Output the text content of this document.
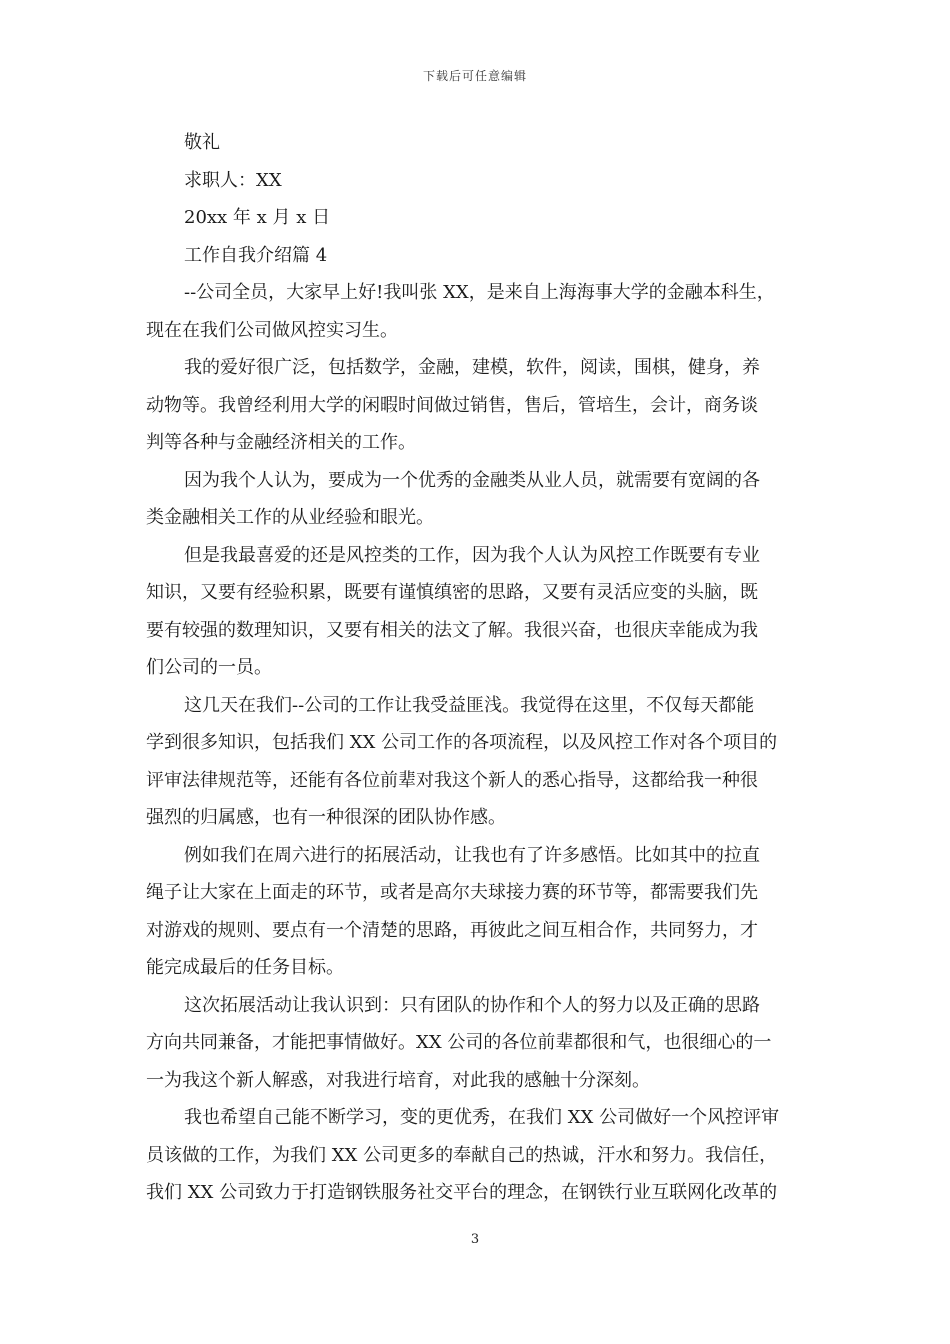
下载后可任意编辑
敬礼
求职人：XX
20xx 年 x 月 x 日
工作自我介绍篇 4
--公司全员，大家早上好!我叫张 XX，是来自上海海事大学的金融本科生，
现在在我们公司做风控实习生。
我的爱好很广泛，包括数学，金融，建模，软件，阅读，围棋，健身，养
动物等。我曾经利用大学的闲暇时间做过销售，售后，管培生，会计，商务谈
判等各种与金融经济相关的工作。
因为我个人认为，要成为一个优秀的金融类从业人员，就需要有宽阔的各
类金融相关工作的从业经验和眼光。
但是我最喜爱的还是风控类的工作，因为我个人认为风控工作既要有专业
知识，又要有经验积累，既要有谨慎缜密的思路，又要有灵活应变的头脑，既
要有较强的数理知识，又要有相关的法文了解。我很兴奋，也很庆幸能成为我
们公司的一员。
这几天在我们--公司的工作让我受益匪浅。我觉得在这里，不仅每天都能
学到很多知识，包括我们 XX 公司工作的各项流程，以及风控工作对各个项目的
评审法律规范等，还能有各位前辈对我这个新人的悉心指导，这都给我一种很
强烈的归属感，也有一种很深的团队协作感。
例如我们在周六进行的拓展活动，让我也有了许多感悟。比如其中的拉直
绳子让大家在上面走的环节，或者是高尔夫球接力赛的环节等，都需要我们先
对游戏的规则、要点有一个清楚的思路，再彼此之间互相合作，共同努力，才
能完成最后的任务目标。
这次拓展活动让我认识到：只有团队的协作和个人的努力以及正确的思路
方向共同兼备，才能把事情做好。XX 公司的各位前辈都很和气，也很细心的一
一为我这个新人解惑，对我进行培育，对此我的感触十分深刻。
我也希望自己能不断学习，变的更优秀，在我们 XX 公司做好一个风控评审
员该做的工作，为我们 XX 公司更多的奉献自己的热诚，汗水和努力。我信任，
我们 XX 公司致力于打造钢铁服务社交平台的理念，在钢铁行业互联网化改革的
3
